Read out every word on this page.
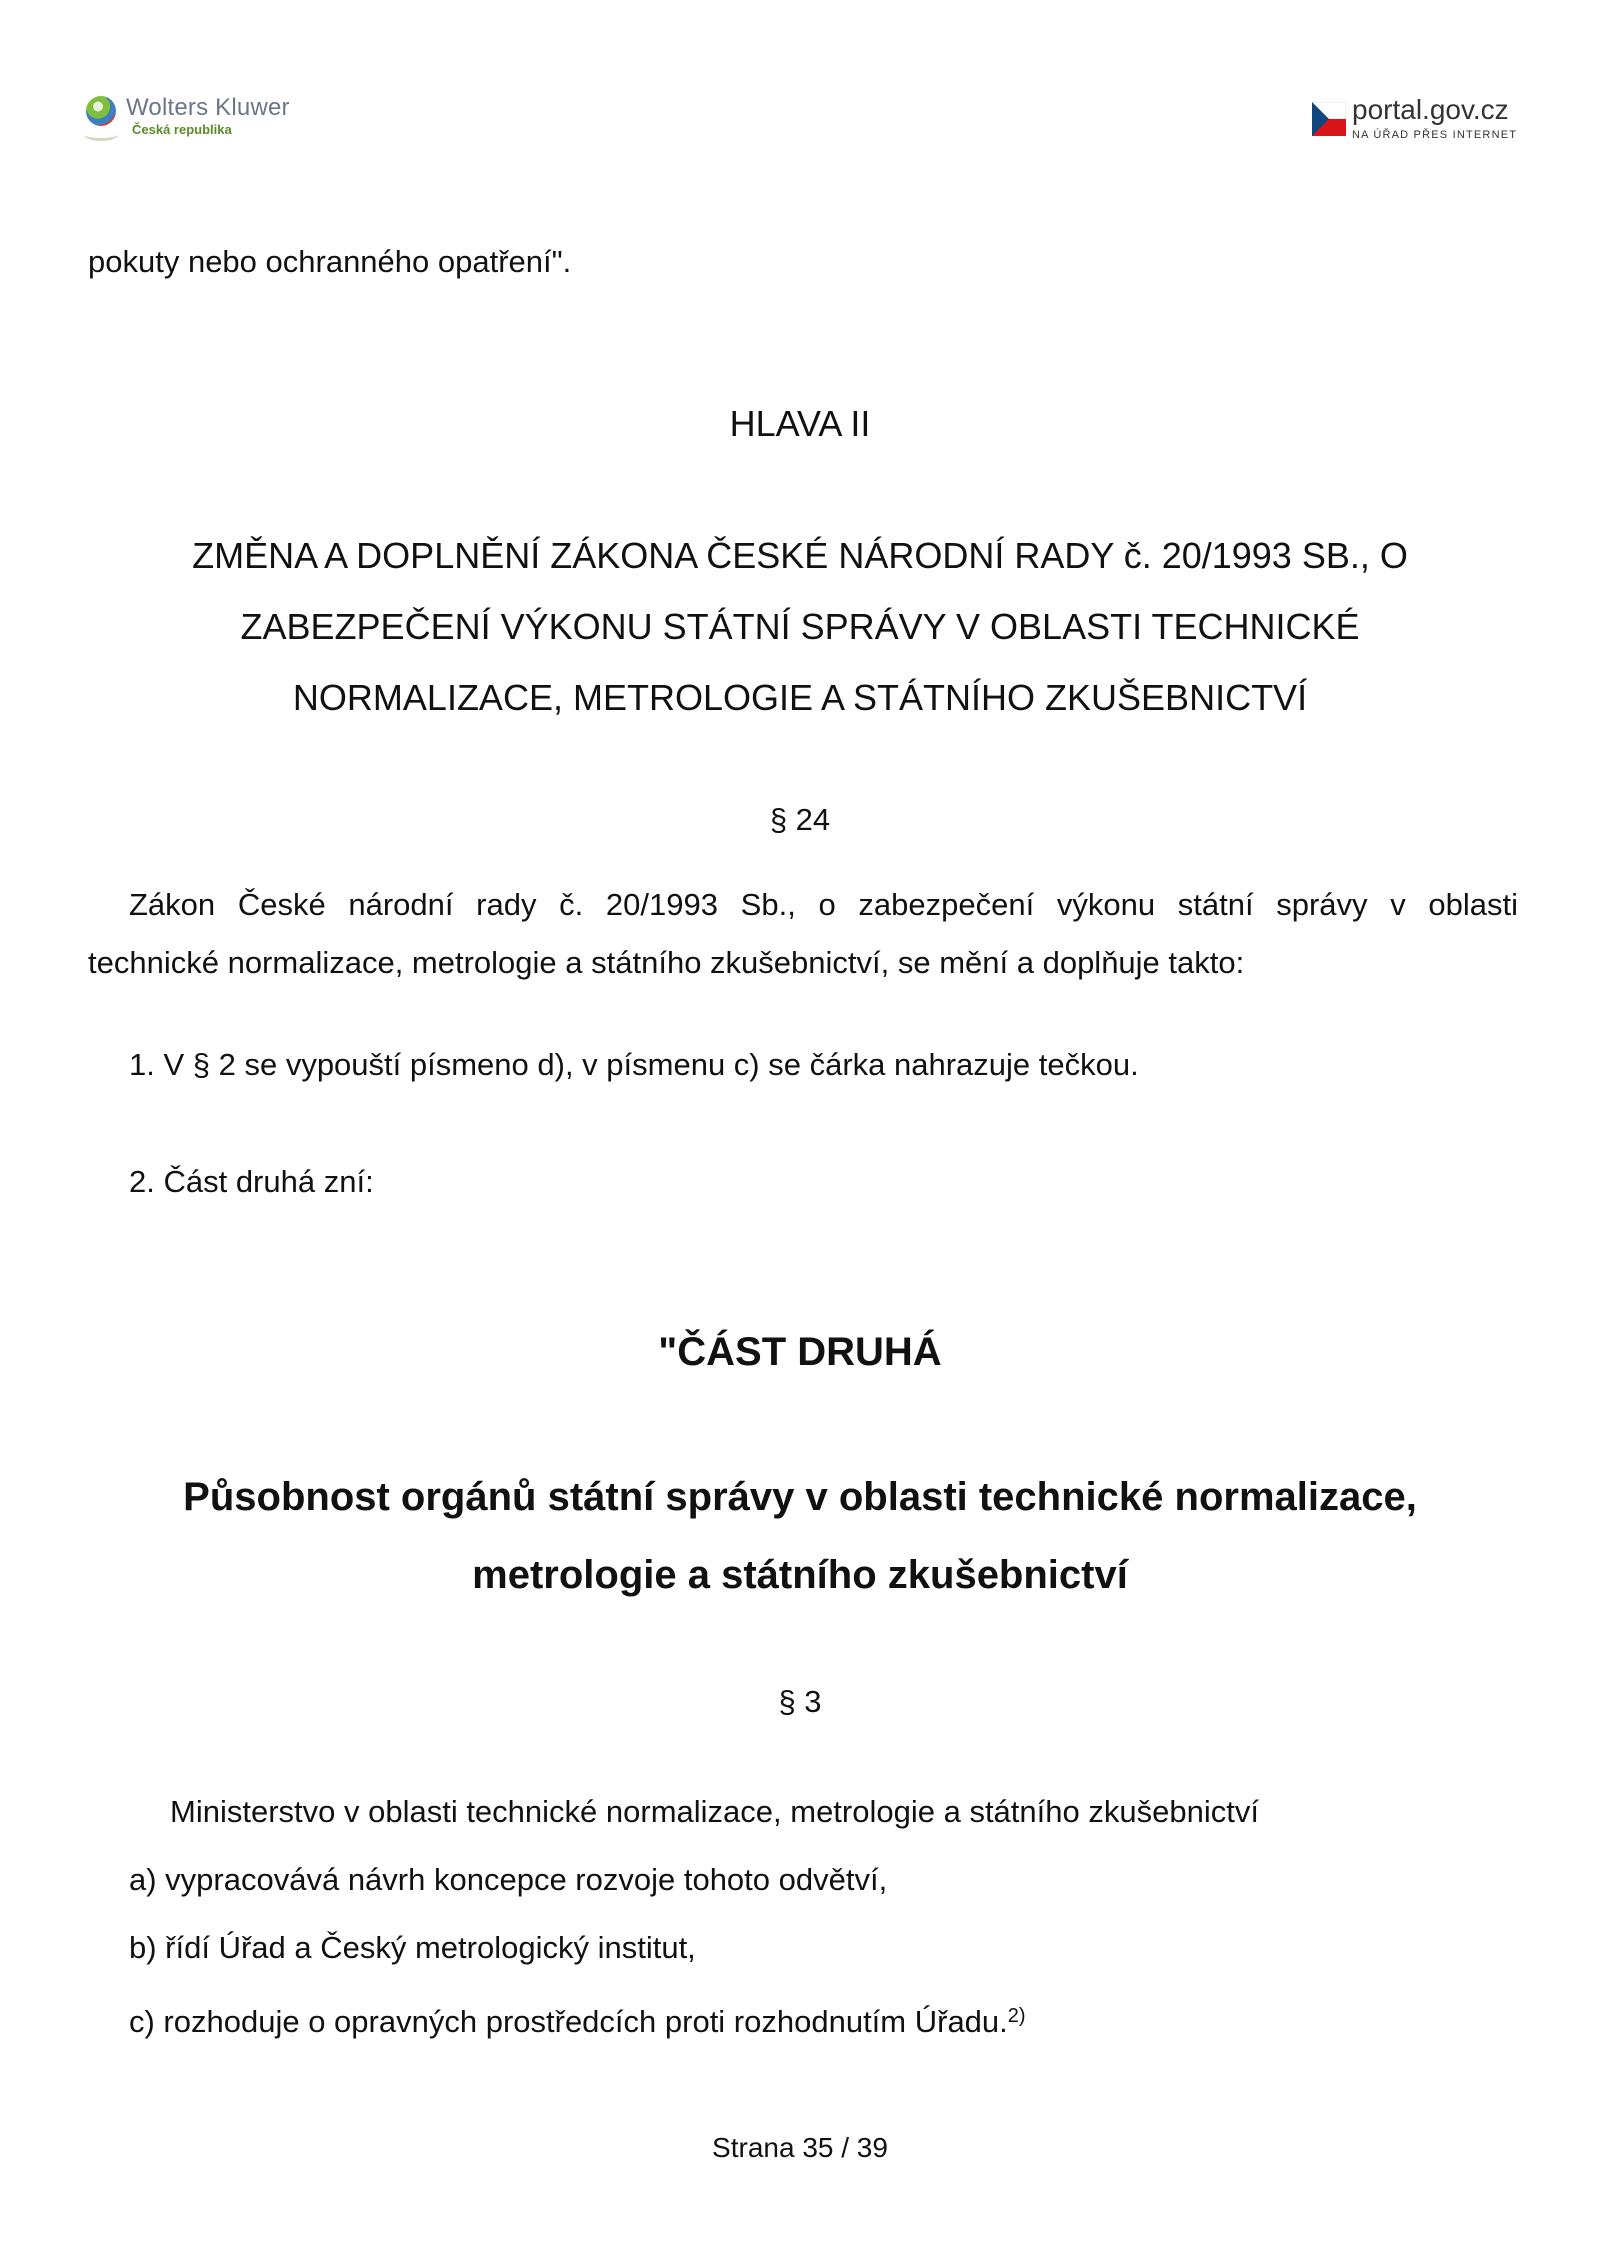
Wolters Kluwer
Česká republika
portal.gov.cz
NA ÚŘAD PŘES INTERNET
pokuty nebo ochranného opatření".
HLAVA II
ZMĚNA A DOPLNĚNÍ ZÁKONA ČESKÉ NÁRODNÍ RADY č. 20/1993 SB., O
ZABEZPEČENÍ VÝKONU STÁTNÍ SPRÁVY V OBLASTI TECHNICKÉ
NORMALIZACE, METROLOGIE A STÁTNÍHO ZKUŠEBNICTVÍ
§ 24
Zákon České národní rady č. 20/1993 Sb., o zabezpečení výkonu státní správy v oblasti
technické normalizace, metrologie a státního zkušebnictví, se mění a doplňuje takto:
1. V § 2 se vypouští písmeno d), v písmenu c) se čárka nahrazuje tečkou.
2. Část druhá zní:
"ČÁST DRUHÁ
Působnost orgánů státní správy v oblasti technické normalizace,
metrologie a státního zkušebnictví
§ 3
Ministerstvo v oblasti technické normalizace, metrologie a státního zkušebnictví
a) vypracovává návrh koncepce rozvoje tohoto odvětví,
b) řídí Úřad a Český metrologický institut,
c) rozhoduje o opravných prostředcích proti rozhodnutím Úřadu.$^{2)}$
Strana 35 / 39
